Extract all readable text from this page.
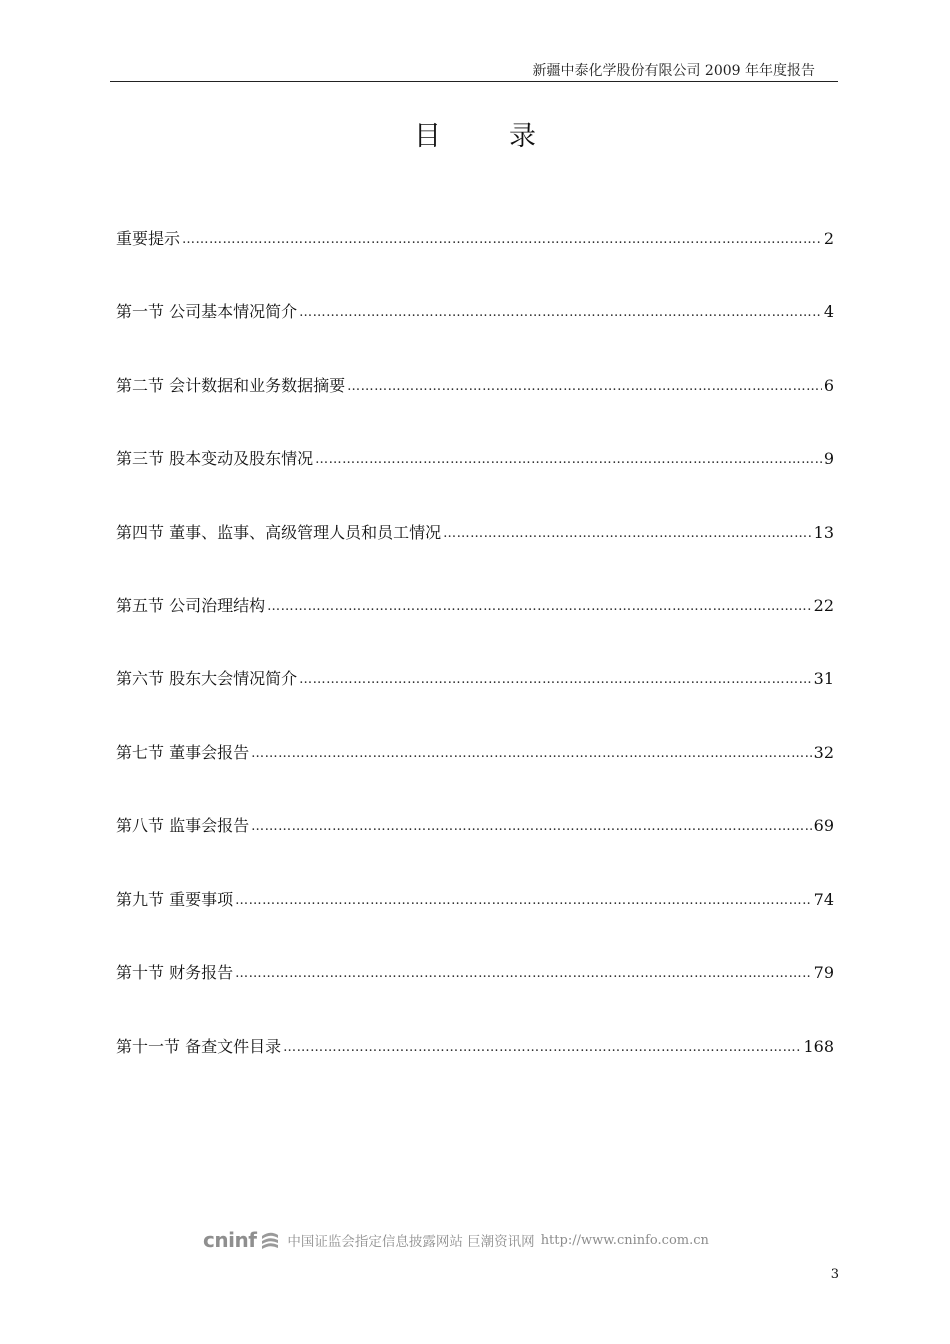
新疆中泰化学股份有限公司 2009 年年度报告
目	录
重要提示 …………………………………………………………………………………………………………………………………………………………………………………………………………………………………………………	2
第一节 公司基本情况简介 …………………………………………………………………………………………………………………………………………………………………………………………………………………………………………………	4
第二节 会计数据和业务数据摘要 …………………………………………………………………………………………………………………………………………………………………………………………………………………………………………………	6
第三节 股本变动及股东情况 …………………………………………………………………………………………………………………………………………………………………………………………………………………………………………………	9
第四节 董事、监事、高级管理人员和员工情况 …………………………………………………………………………………………………………………………………………………………………………………………………………………………………………………	13
第五节 公司治理结构 …………………………………………………………………………………………………………………………………………………………………………………………………………………………………………………	22
第六节 股东大会情况简介 …………………………………………………………………………………………………………………………………………………………………………………………………………………………………………………	31
第七节 董事会报告 …………………………………………………………………………………………………………………………………………………………………………………………………………………………………………………	32
第八节 监事会报告 …………………………………………………………………………………………………………………………………………………………………………………………………………………………………………………	69
第九节 重要事项 …………………………………………………………………………………………………………………………………………………………………………………………………………………………………………………	74
第十节 财务报告 …………………………………………………………………………………………………………………………………………………………………………………………………………………………………………………	79
第十一节 备查文件目录 …………………………………………………………………………………………………………………………………………………………………………………………………………………………………………………	168
cninf 中国证监会指定信息披露网站 巨潮资讯网 http://www.cninfo.com.cn
3
